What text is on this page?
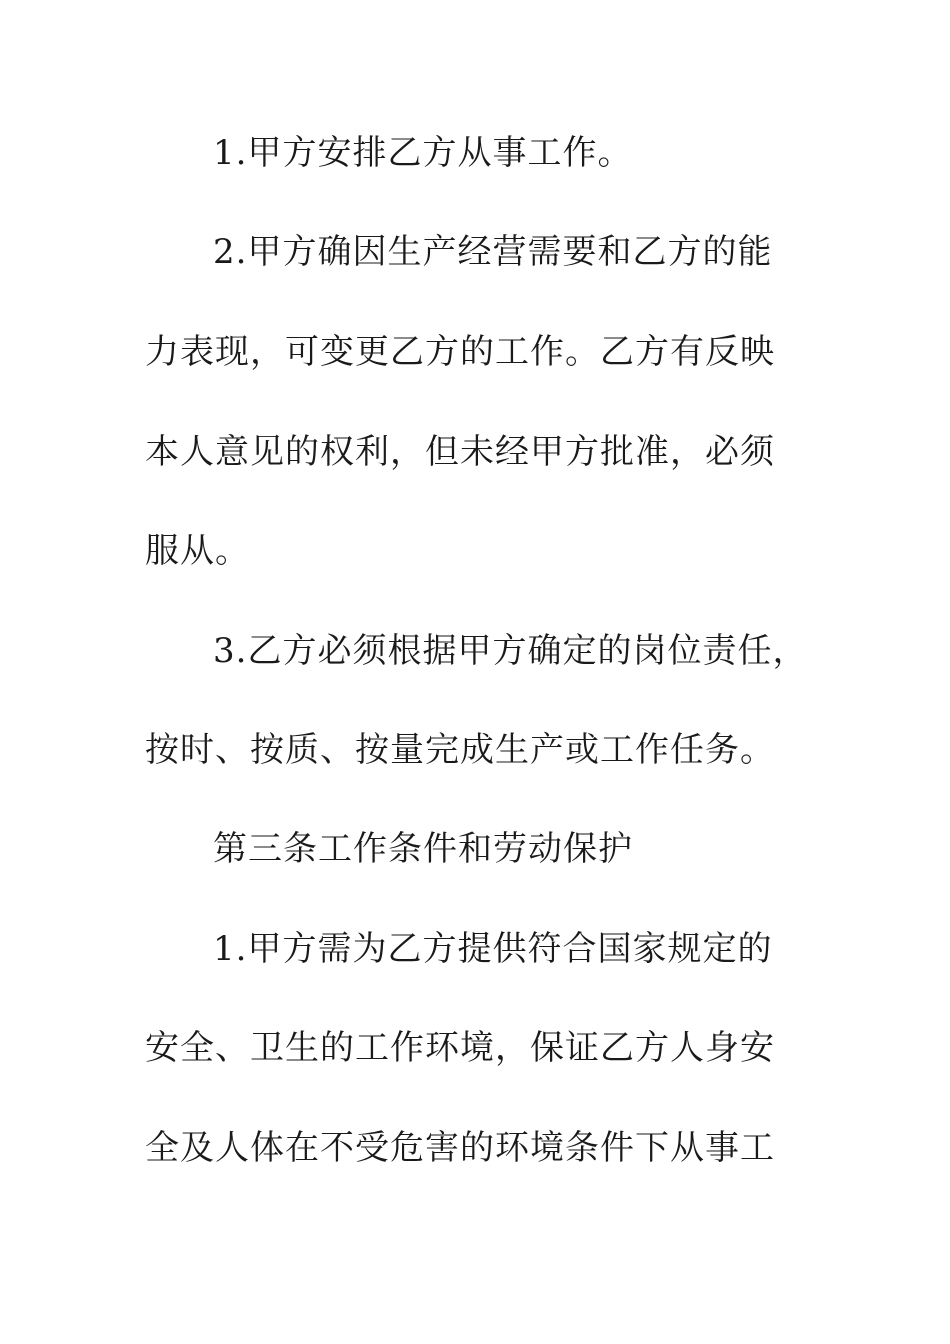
1.甲方安排乙方从事工作。
2.甲方确因生产经营需要和乙方的能
力表现，可变更乙方的工作。乙方有反映
本人意见的权利，但未经甲方批准，必须
服从。
3.乙方必须根据甲方确定的岗位责任，
按时、按质、按量完成生产或工作任务。
第三条工作条件和劳动保护
1.甲方需为乙方提供符合国家规定的
安全、卫生的工作环境，保证乙方人身安
全及人体在不受危害的环境条件下从事工
